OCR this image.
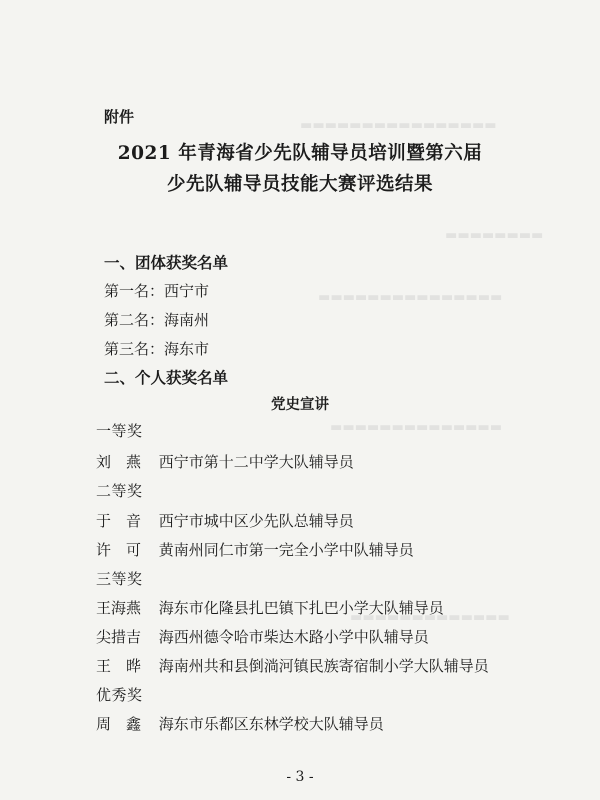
▬▬▬▬▬▬▬▬▬▬▬▬▬▬▬▬
▬▬▬▬▬▬▬▬
▬▬▬▬▬▬▬▬▬▬▬▬▬▬▬
▬▬▬▬▬▬▬▬▬▬▬▬▬▬
▬▬▬▬▬▬▬▬▬▬▬▬▬
附件
2021 年青海省少先队辅导员培训暨第六届
少先队辅导员技能大赛评选结果
一、团体获奖名单
第一名：西宁市
第二名：海南州
第三名：海东市
二、个人获奖名单
党史宣讲
一等奖
刘　燕 西宁市第十二中学大队辅导员
二等奖
于　音 西宁市城中区少先队总辅导员
许　可 黄南州同仁市第一完全小学中队辅导员
三等奖
王海燕 海东市化隆县扎巴镇下扎巴小学大队辅导员
尖措吉 海西州德令哈市柴达木路小学中队辅导员
王　晔 海南州共和县倒淌河镇民族寄宿制小学大队辅导员
优秀奖
周　鑫 海东市乐都区东林学校大队辅导员
- 3 -
